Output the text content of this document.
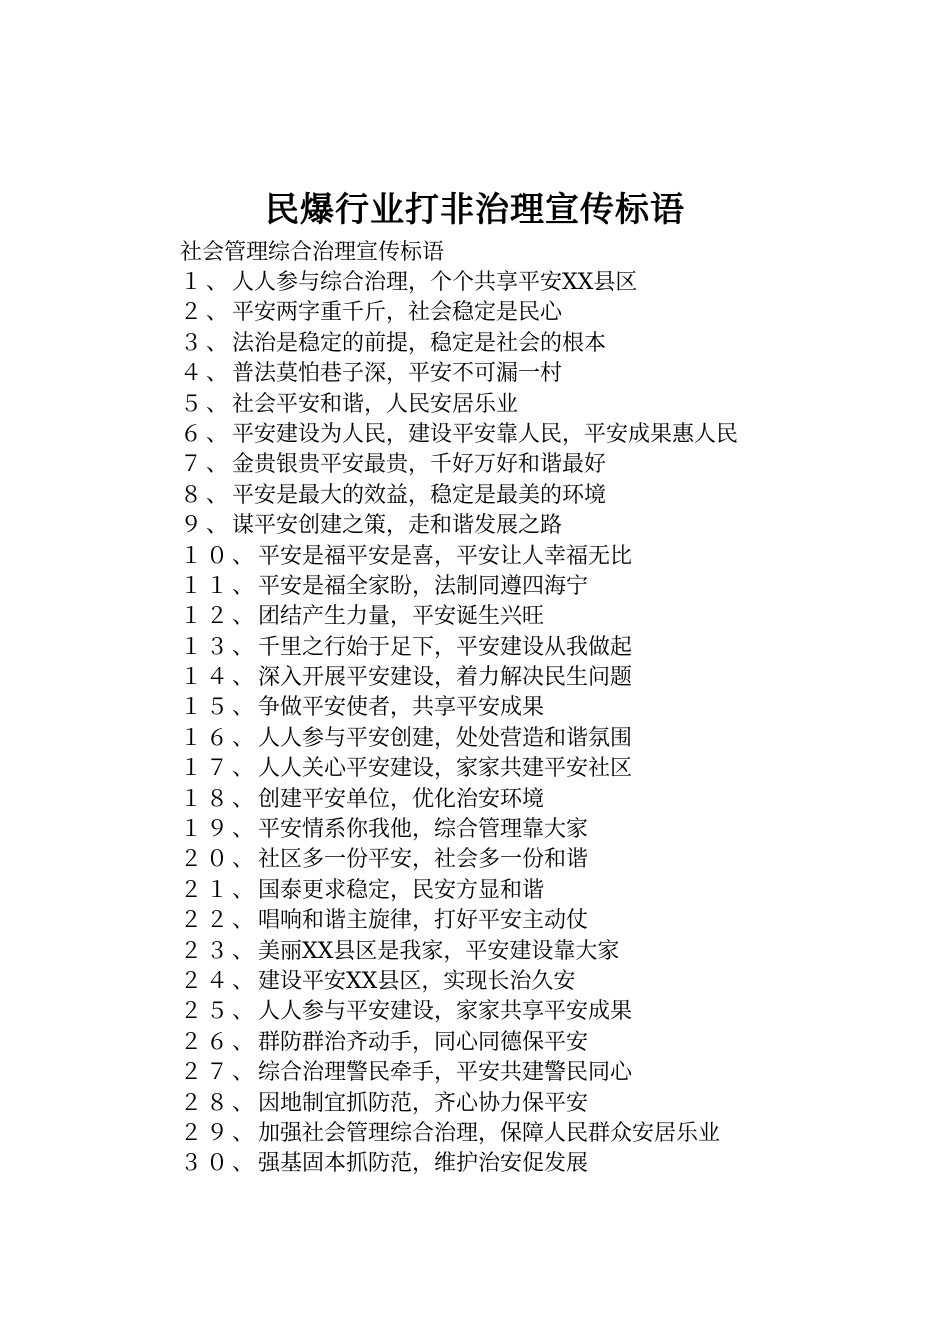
民爆行业打非治理宣传标语

社会管理综合治理宣传标语

１、 人人参与综合治理，个个共享平安XX县区
２、 平安两字重千斤，社会稳定是民心
３、 法治是稳定的前提，稳定是社会的根本
４、 普法莫怕巷子深，平安不可漏一村
５、 社会平安和谐，人民安居乐业
６、 平安建设为人民，建设平安靠人民，平安成果惠人民
７、 金贵银贵平安最贵，千好万好和谐最好
８、 平安是最大的效益，稳定是最美的环境
９、 谋平安创建之策，走和谐发展之路
１０、 平安是福平安是喜，平安让人幸福无比
１１、 平安是福全家盼，法制同遵四海宁
１２、 团结产生力量，平安诞生兴旺
１３、 千里之行始于足下，平安建设从我做起
１４、 深入开展平安建设，着力解决民生问题
１５、 争做平安使者，共享平安成果
１６、 人人参与平安创建，处处营造和谐氛围
１７、 人人关心平安建设，家家共建平安社区
１８、 创建平安单位，优化治安环境
１９、 平安情系你我他，综合管理靠大家
２０、 社区多一份平安，社会多一份和谐
２１、 国泰更求稳定，民安方显和谐
２２、 唱响和谐主旋律，打好平安主动仗
２３、 美丽XX县区是我家，平安建设靠大家
２４、 建设平安XX县区，实现长治久安
２５、 人人参与平安建设，家家共享平安成果
２６、 群防群治齐动手，同心同德保平安
２７、 综合治理警民牵手，平安共建警民同心
２８、 因地制宜抓防范，齐心协力保平安
２９、 加强社会管理综合治理，保障人民群众安居乐业
３０、 强基固本抓防范，维护治安促发展
